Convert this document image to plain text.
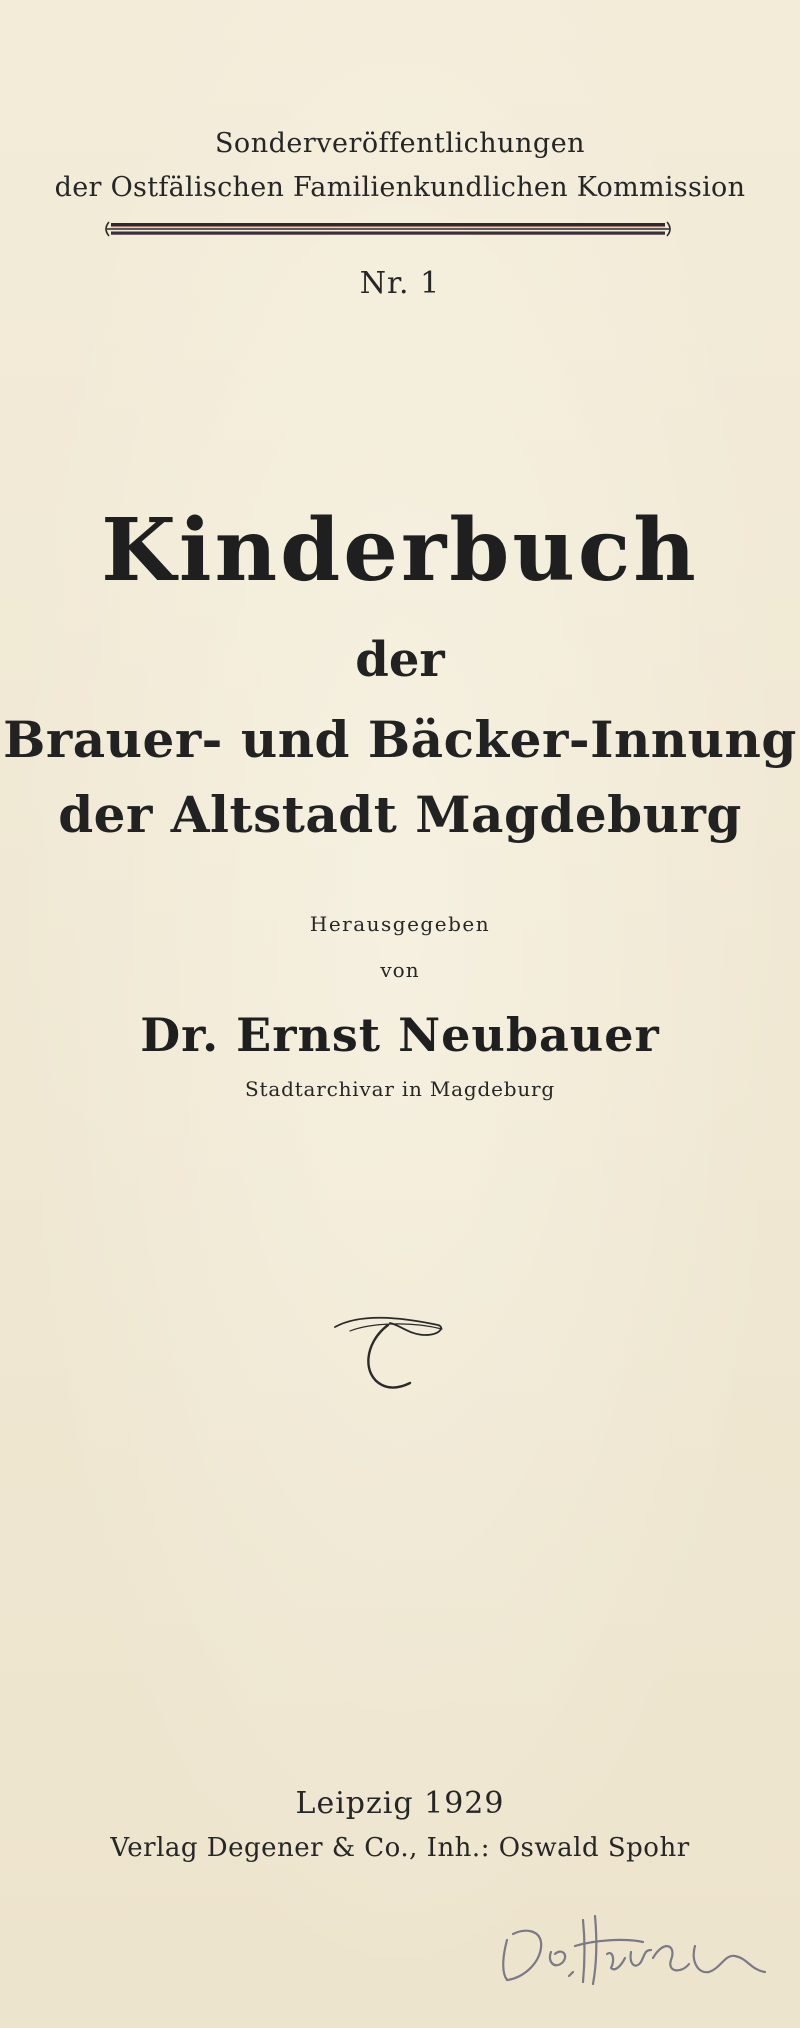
Sonderveröffentlichungen
der Ostfälischen Familienkundlichen Kommission
Nr. 1
Kinderbuch
der
Brauer- und Bäcker-Innung
der Altstadt Magdeburg
Herausgegeben
von
Dr. Ernst Neubauer
Stadtarchivar in Magdeburg
Leipzig 1929
Verlag Degener & Co., Inh.: Oswald Spohr
